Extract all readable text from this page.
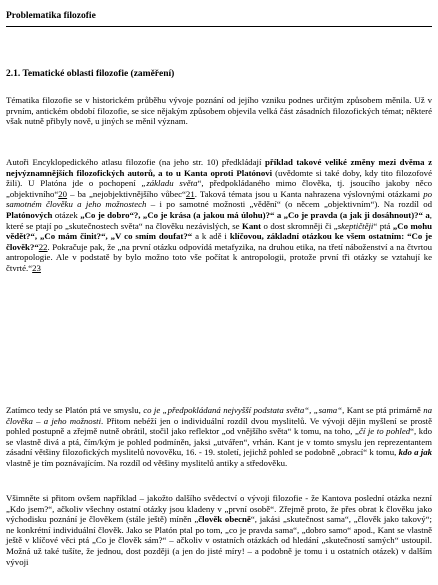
Problematika filozofie
2.1. Tematické oblasti filozofie (zaměření)

Tématika filozofie se v historickém průběhu vývoje poznání od jejího vzniku podnes určitým způsobem měnila. Už v prvním, antickém období filozofie, se sice nějakým způsobem objevila velká část zásadních filozofických témat; některé však nutně přibyly nově, u jiných se měnil význam.

Autoři Encyklopedického atlasu filozofie (na jeho str. 10) předkládají příklad takové veliké změny mezi dvěma z nejvýznamnějších filozofických autorů, a to u Kanta oproti Platónovi (uvědomte si také doby, kdy tito filozofové žili). U Platóna jde o pochopení „základu světa“, předpokládaného mimo člověka, tj. jsoucího jakoby něco „objektivního“20 – ba „nejobjektivnějšího vůbec“21. Taková témata jsou u Kanta nahrazena výslovnými otázkami po samotném člověku a jeho možnostech – i po samotné možnosti „vědění“ (o něcem „objektivním“). Na rozdíl od Platónových otázek „Co je dobro“?, „Co je krása (a jakou má úlohu)?“ a „Co je pravda (a jak ji dosáhnout)?“ a, které se ptají po „skutečnostech světa“ na člověku nezávislých, se Kant o dost skromněji či „skeptičtěji“ ptá „Co mohu vědět?“, „Co mám činit?“, „V co smím doufat?“ a k adě i klíčovou, základní otázkou ke všem ostatním: “Co je člověk?“22. Pokračuje pak, že „na první otázku odpovídá metafyzika, na druhou etika, na třetí náboženství a na čtvrtou antropologie. Ale v podstatě by bylo možno toto vše počítat k antropologii, protože první tři otázky se vztahují ke čtvrté.“23

Zatímco tedy se Platón ptá ve smyslu, co je „předpokládaná nejvyšší podstata světa“, „sama“, Kant se ptá primárně na člověka – a jeho možnosti. Přitom nebéží jen o individuální rozdíl dvou myslitelů. Ve vývoji dějin myšlení se prostě pohled postupně a zřejmě nutně obrátil, stočil jako reflektor „od vnějšího světa“ k tomu, na toho, „čí je to pohled“, kdo se vlastně divá a ptá, čím/kým je pohled podmíněn, jaksi „utvářen“, vrhán. Kant je v tomto smyslu jen reprezentantem zásadní většiny filozofických myslitelů novověku, 16. - 19. století, jejichž pohled se podobně „obrací“ k tomu, kdo a jak vlastně je tím poznávajícím. Na rozdíl od většiny myslitelů antiky a středověku.

Všimněte si přitom ovšem například – jakožto dalšího svědectví o vývoji filozofie - že Kantova poslední otázka nezní „Kdo jsem?“, ačkoliv všechny ostatní otázky jsou kladeny v „první osobě“. Zřejmě proto, že přes obrat k člověku jako východisku poznání je člověkem (stále ještě) míněn „člověk obecně“, jakási „skutečnost sama“, „člověk jako takový“; ne konkrétní individuální člověk. Jako se Platón ptal po tom, „co je pravda sama“, „dobro samo“ apod., Kant se vlastně ještě v klíčové věci ptá „Co je člověk sám?“ – ačkoliv v ostatních otázkách od hledání „skutečností samých“ ustoupil. Možná už také tušíte, že jednou, dost později (a jen do jisté míry! – a podobně je tomu i u ostatních otázek) v dalším vývoji
